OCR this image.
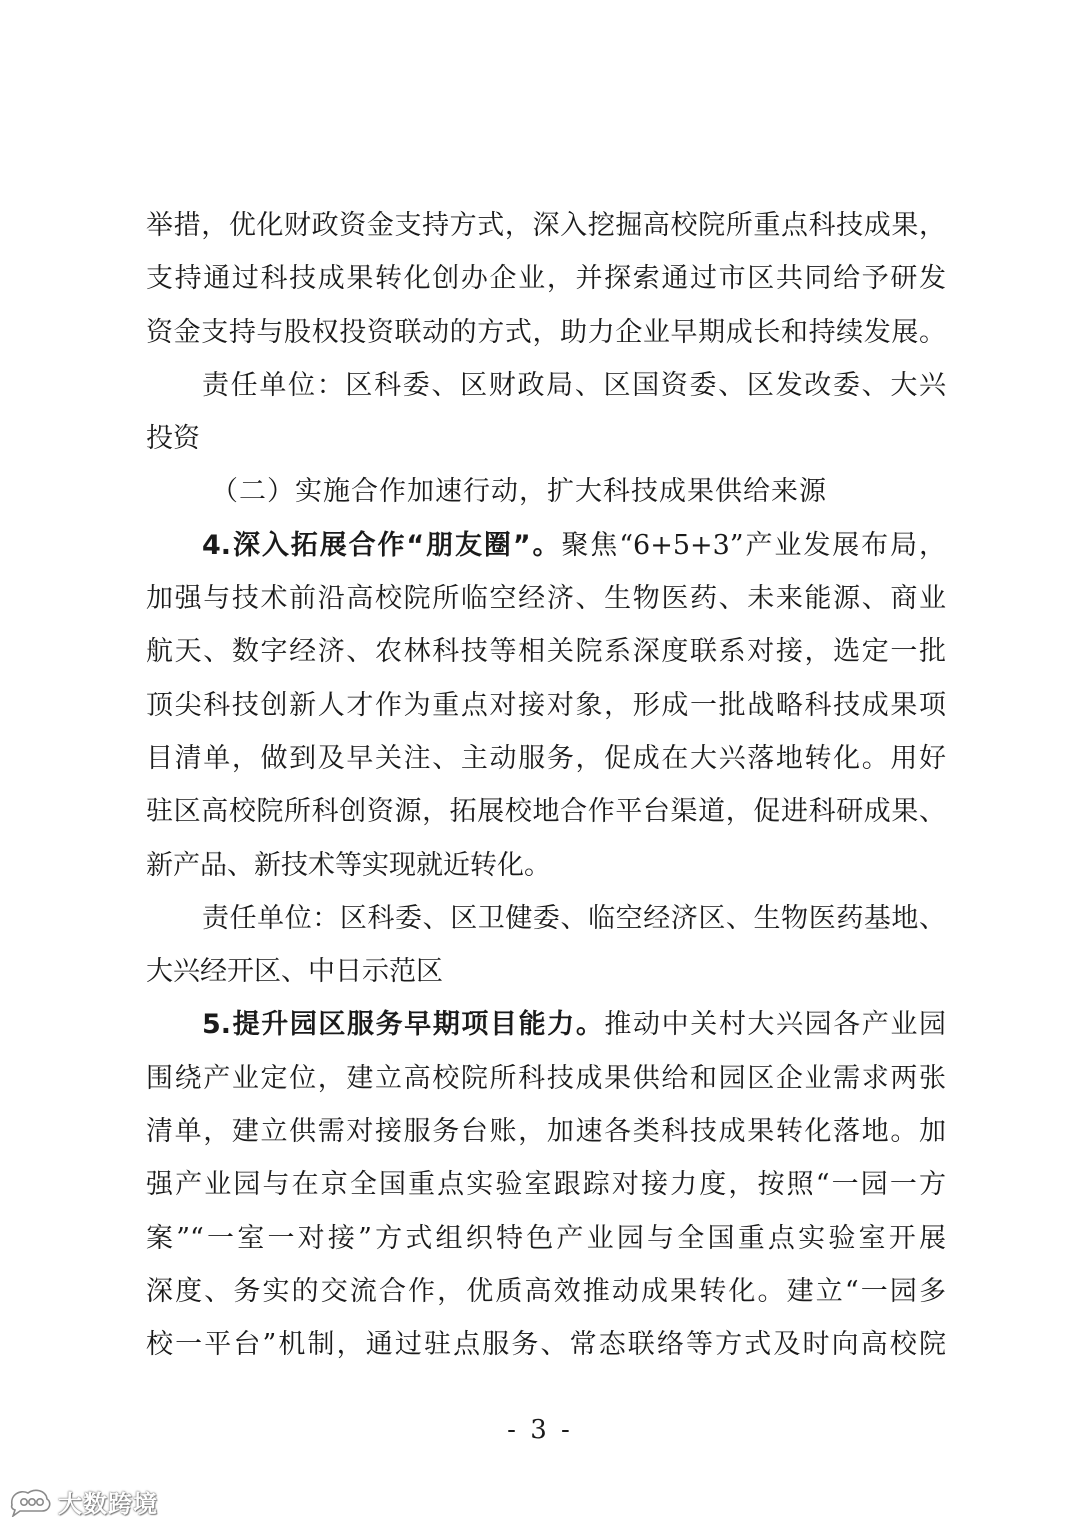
举措，优化财政资金支持方式，深入挖掘高校院所重点科技成果，
支持通过科技成果转化创办企业，并探索通过市区共同给予研发
资金支持与股权投资联动的方式，助力企业早期成长和持续发展。
责任单位：区科委、区财政局、区国资委、区发改委、大兴
投资
（二）实施合作加速行动，扩大科技成果供给来源
4.深入拓展合作“朋友圈”。聚焦“6+5+3”产业发展布局，
加强与技术前沿高校院所临空经济、生物医药、未来能源、商业
航天、数字经济、农林科技等相关院系深度联系对接，选定一批
顶尖科技创新人才作为重点对接对象，形成一批战略科技成果项
目清单，做到及早关注、主动服务，促成在大兴落地转化。用好
驻区高校院所科创资源，拓展校地合作平台渠道，促进科研成果、
新产品、新技术等实现就近转化。
责任单位：区科委、区卫健委、临空经济区、生物医药基地、
大兴经开区、中日示范区
5.提升园区服务早期项目能力。推动中关村大兴园各产业园
围绕产业定位，建立高校院所科技成果供给和园区企业需求两张
清单，建立供需对接服务台账，加速各类科技成果转化落地。加
强产业园与在京全国重点实验室跟踪对接力度，按照“一园一方
案”“一室一对接”方式组织特色产业园与全国重点实验室开展
深度、务实的交流合作，优质高效推动成果转化。建立“一园多
校一平台”机制，通过驻点服务、常态联络等方式及时向高校院
- 3 -
大数跨境
